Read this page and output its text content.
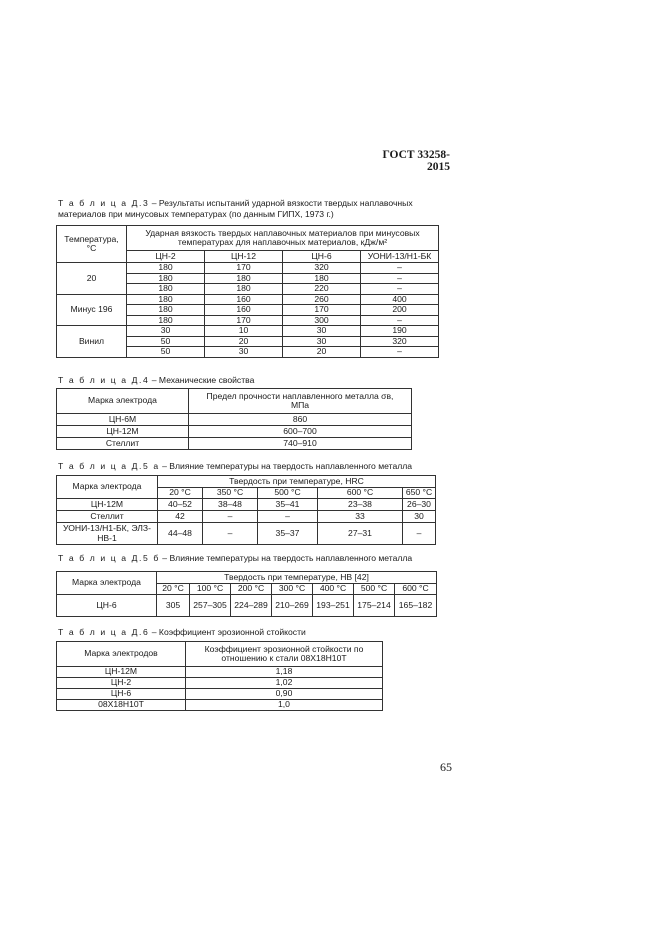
ГОСТ 33258-2015
Т а б л и ц а Д.3 – Результаты испытаний ударной вязкости твердых наплавочных
материалов при минусовых температурах (по данным ГИПХ, 1973 г.)
Температура, °С	Ударная вязкость твердых наплавочных материалов при минусовых температурах для наплавочных материалов, кДж/м²			
	ЦН-2	ЦН-12	ЦН-6	УОНИ-13/Н1-БК
20	180	170	320	–
	180	180	180	–
	180	180	220	–
Минус 196	180	160	260	400
	180	160	170	200
	180	170	300	–
Винил	30	10	30	190
	50	20	30	320
	50	30	20	–
Т а б л и ц а Д.4 – Механические свойства
Марка электрода	Предел прочности наплавленного металла σв,
МПа
ЦН-6М	860
ЦН-12М	600–700
Стеллит	740–910
Т а б л и ц а Д.5 а – Влияние температуры на твердость наплавленного металла
Марка электрода	Твердость при температуре, HRC				
	20 °С	350 °С	500 °С	600 °С	650 °С
ЦН-12М	40–52	38–48	35–41	23–38	26–30
Стеллит	42	–	–	33	30
УОНИ-13/Н1-БК, ЭЛЗ-НВ-1	44–48	–	35–37	27–31	–
Т а б л и ц а Д.5 б – Влияние температуры на твердость наплавленного металла
Марка электрода	Твердость при температуре, НВ [42]						
	20 °С	100 °С	200 °С	300 °С	400 °С	500 °С	600 °С
ЦН-6	305	257–305	224–289	210–269	193–251	175–214	165–182
Т а б л и ц а Д.6 – Коэффициент эрозионной стойкости
Марка электродов	Коэффициент эрозионной стойкости по отношению к стали 08Х18Н10Т
ЦН-12М	1,18
ЦН-2	1,02
ЦН-6	0,90
08Х18Н10Т	1,0
65
